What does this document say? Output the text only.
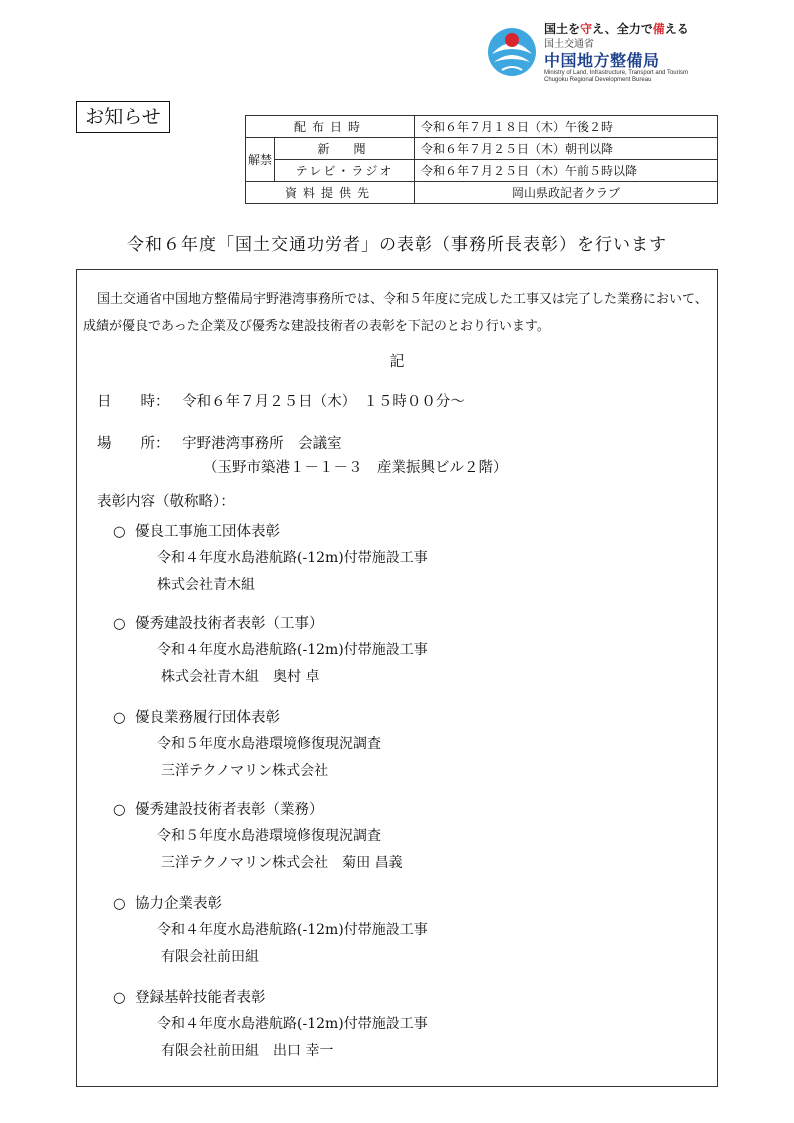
国土を守え、全力で備える
国土交通省
中国地方整備局
Ministry of Land, Infrastructure, Transport and Tourism
Chugoku Regional Development Bureau
お知らせ	配布日時		令和６年７月１８日（木）午後２時
解禁	新　聞	令和６年７月２５日（木）朝刊以降
	テレビ・ラジオ	令和６年７月２５日（木）午前５時以降
資料提供先		岡山県政記者クラブ
令和６年度「国土交通功労者」の表彰（事務所長表彰）を行います
国土交通省中国地方整備局宇野港湾事務所では、令和５年度に完成した工事又は完了した業務において、成績が優良であった企業及び優秀な建設技術者の表彰を下記のとおり行います。
記
日　　時： 令和６年７月２５日（木）　１５時００分～
場　　所： 宇野港湾事務所　会議室
（玉野市築港１－１－３　産業振興ビル２階）
表彰内容（敬称略）：
○ 優良工事施工団体表彰
令和４年度水島港航路(-12m)付帯施設工事
株式会社青木組
○ 優秀建設技術者表彰（工事）
令和４年度水島港航路(-12m)付帯施設工事
株式会社青木組　奥村 卓
○ 優良業務履行団体表彰
令和５年度水島港環境修復現況調査
三洋テクノマリン株式会社
○ 優秀建設技術者表彰（業務）
令和５年度水島港環境修復現況調査
三洋テクノマリン株式会社　菊田 昌義
○ 協力企業表彰
令和４年度水島港航路(-12m)付帯施設工事
有限会社前田組
○ 登録基幹技能者表彰
令和４年度水島港航路(-12m)付帯施設工事
有限会社前田組　出口 幸一
